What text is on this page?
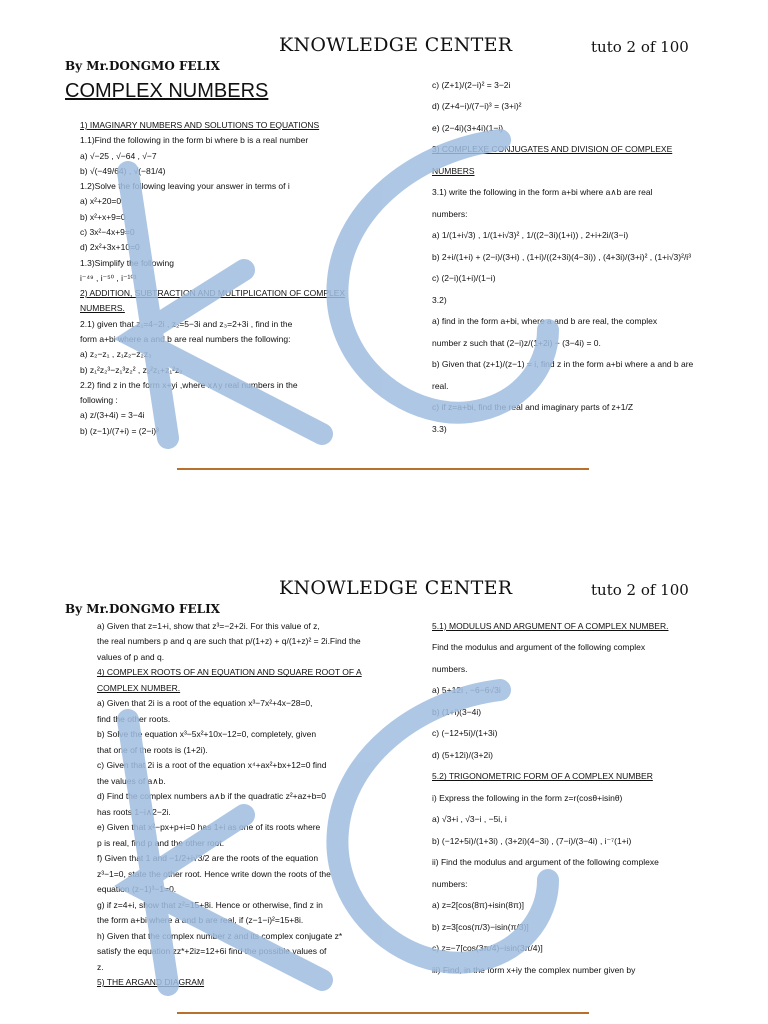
KNOWLEDGE CENTER	tuto 2 of 100
By Mr.DONGMO FELIX
COMPLEX NUMBERS

1) IMAGINARY NUMBERS AND SOLUTIONS TO EQUATIONS

1.1)Find the following in the form bi where b is a real number

a) √−25 , √−64 , √−7

b) √(−49/64) , √(−81/4)

1.2)Solve the following leaving your answer in terms of i

a) x²+20=0

b) x²+x+9=0

c) 3x²−4x+9=0

d) 2x²+3x+10=0

1.3)Simplify the following

i⁻⁴⁹ , i⁻⁵⁰ , i⁻¹⁰¹

2) ADDITION, SUBTRACTION AND MULTIPLICATION OF COMPLEX

NUMBERS.

2.1) given that z₁=4−2i , z₂=5−3i and z₃=2+3i , find in the

form a+bi where a and b are real numbers the following:

a) z₂−z₁ , z₁z₂−z₂z₃

b) z₁²z₂³−z₁³z₂² , z₂²z₁+z₁²z₂

2.2) find z in the form x+yi ,where x∧y real numbers in the

following :

a) z/(3+4i) = 3−4i

b) (z−1)/(7+i) = (2−i)³

c) (Z+1)/(2−i)² = 3−2i

d) (Z+4−i)/(7−i)³ = (3+i)²

e) (2−4i)(3+4i)(1−i)

3) COMPLEXE CONJUGATES AND DIVISION OF COMPLEXE

NUMBERS

3.1) write the following in the form a+bi where a∧b are real

numbers:

a) 1/(1+i√3) , 1/(1+i√3)² , 1/((2−3i)(1+i)) , 2+i+2i/(3−i)

b) 2+i/(1+i) + (2−i)/(3+i) , (1+i)/((2+3i)(4−3i)) , (4+3i)/(3+i)² , (1+i√3)²/i³

c) (2−i)(1+i)/(1−i)

3.2)

a) find in the form a+bi, where a and b are real, the complex

number z such that (2−i)z/(1+2i) − (3−4i) = 0.

b) Given that (z+1)/(z−1) = i, find z in the form a+bi where a and b are

real.

c) if z=a+bi, find the real and imaginary parts of z+1/Z

3.3)

KNOWLEDGE CENTER	tuto 2 of 100
By Mr.DONGMO FELIX

a) Given that z=1+i, show that z³=−2+2i. For this value of z,

the real numbers p and q are such that p/(1+z) + q/(1+z)² = 2i.Find the

values of p and q.

4) COMPLEX ROOTS OF AN EQUATION AND SQUARE ROOT OF A

COMPLEX NUMBER.

a) Given that 2i is a root of the equation x³−7x²+4x−28=0,

find the other roots.

b) Solve the equation x³−5x²+10x−12=0, completely, given

that one of the roots is (1+2i).

c) Given that 2i is a root of the equation x⁴+ax²+bx+12=0 find

the values of a∧b.

d) Find the complex numbers a∧b if the quadratic z²+az+b=0

has roots 1−i∧2−2i.

e) Given that x²−px+p+i=0 has 1+i as one of its roots where

p is real, find p and the other root.

f) Given that 1 and −1/2+i√3/2 are the roots of the equation

z³−1=0, state the other root. Hence write down the roots of the

equation (z−1)³−1=0.

g) if z=4+i, show that z²=15+8i. Hence or otherwise, find z in

the form a+bi where a and b are real, if (z−1−i)²=15+8i.

h) Given that the complex number z and its complex conjugate z*

satisfy the equation zz*+2iz=12+6i find the possible values of

z.

5) THE ARGAND DIAGRAM

5.1) MODULUS AND ARGUMENT OF A COMPLEX NUMBER.

Find the modulus and argument of the following complex

numbers.

a) 5+12i , −6−6√3i

b) (1+i)(3−4i)

c) (−12+5i)/(1+3i)

d) (5+12i)/(3+2i)

5.2) TRIGONOMETRIC FORM OF A COMPLEX NUMBER

i) Express the following in the form z=r(cosθ+isinθ)

a) √3+i , √3−i , −5i, i

b) (−12+5i)/(1+3i) , (3+2i)(4−3i) , (7−i)/(3−4i) , i⁻⁷(1+i)

ii) Find the modulus and argument of the following complexe

numbers:

a) z=2[cos(8π)+isin(8π)]

b) z=3[cos(π/3)−isin(π/3)]

c) z=−7[cos(3π/4)−isin(3π/4)]

iii) Find, in the form x+iy the complex number given by
